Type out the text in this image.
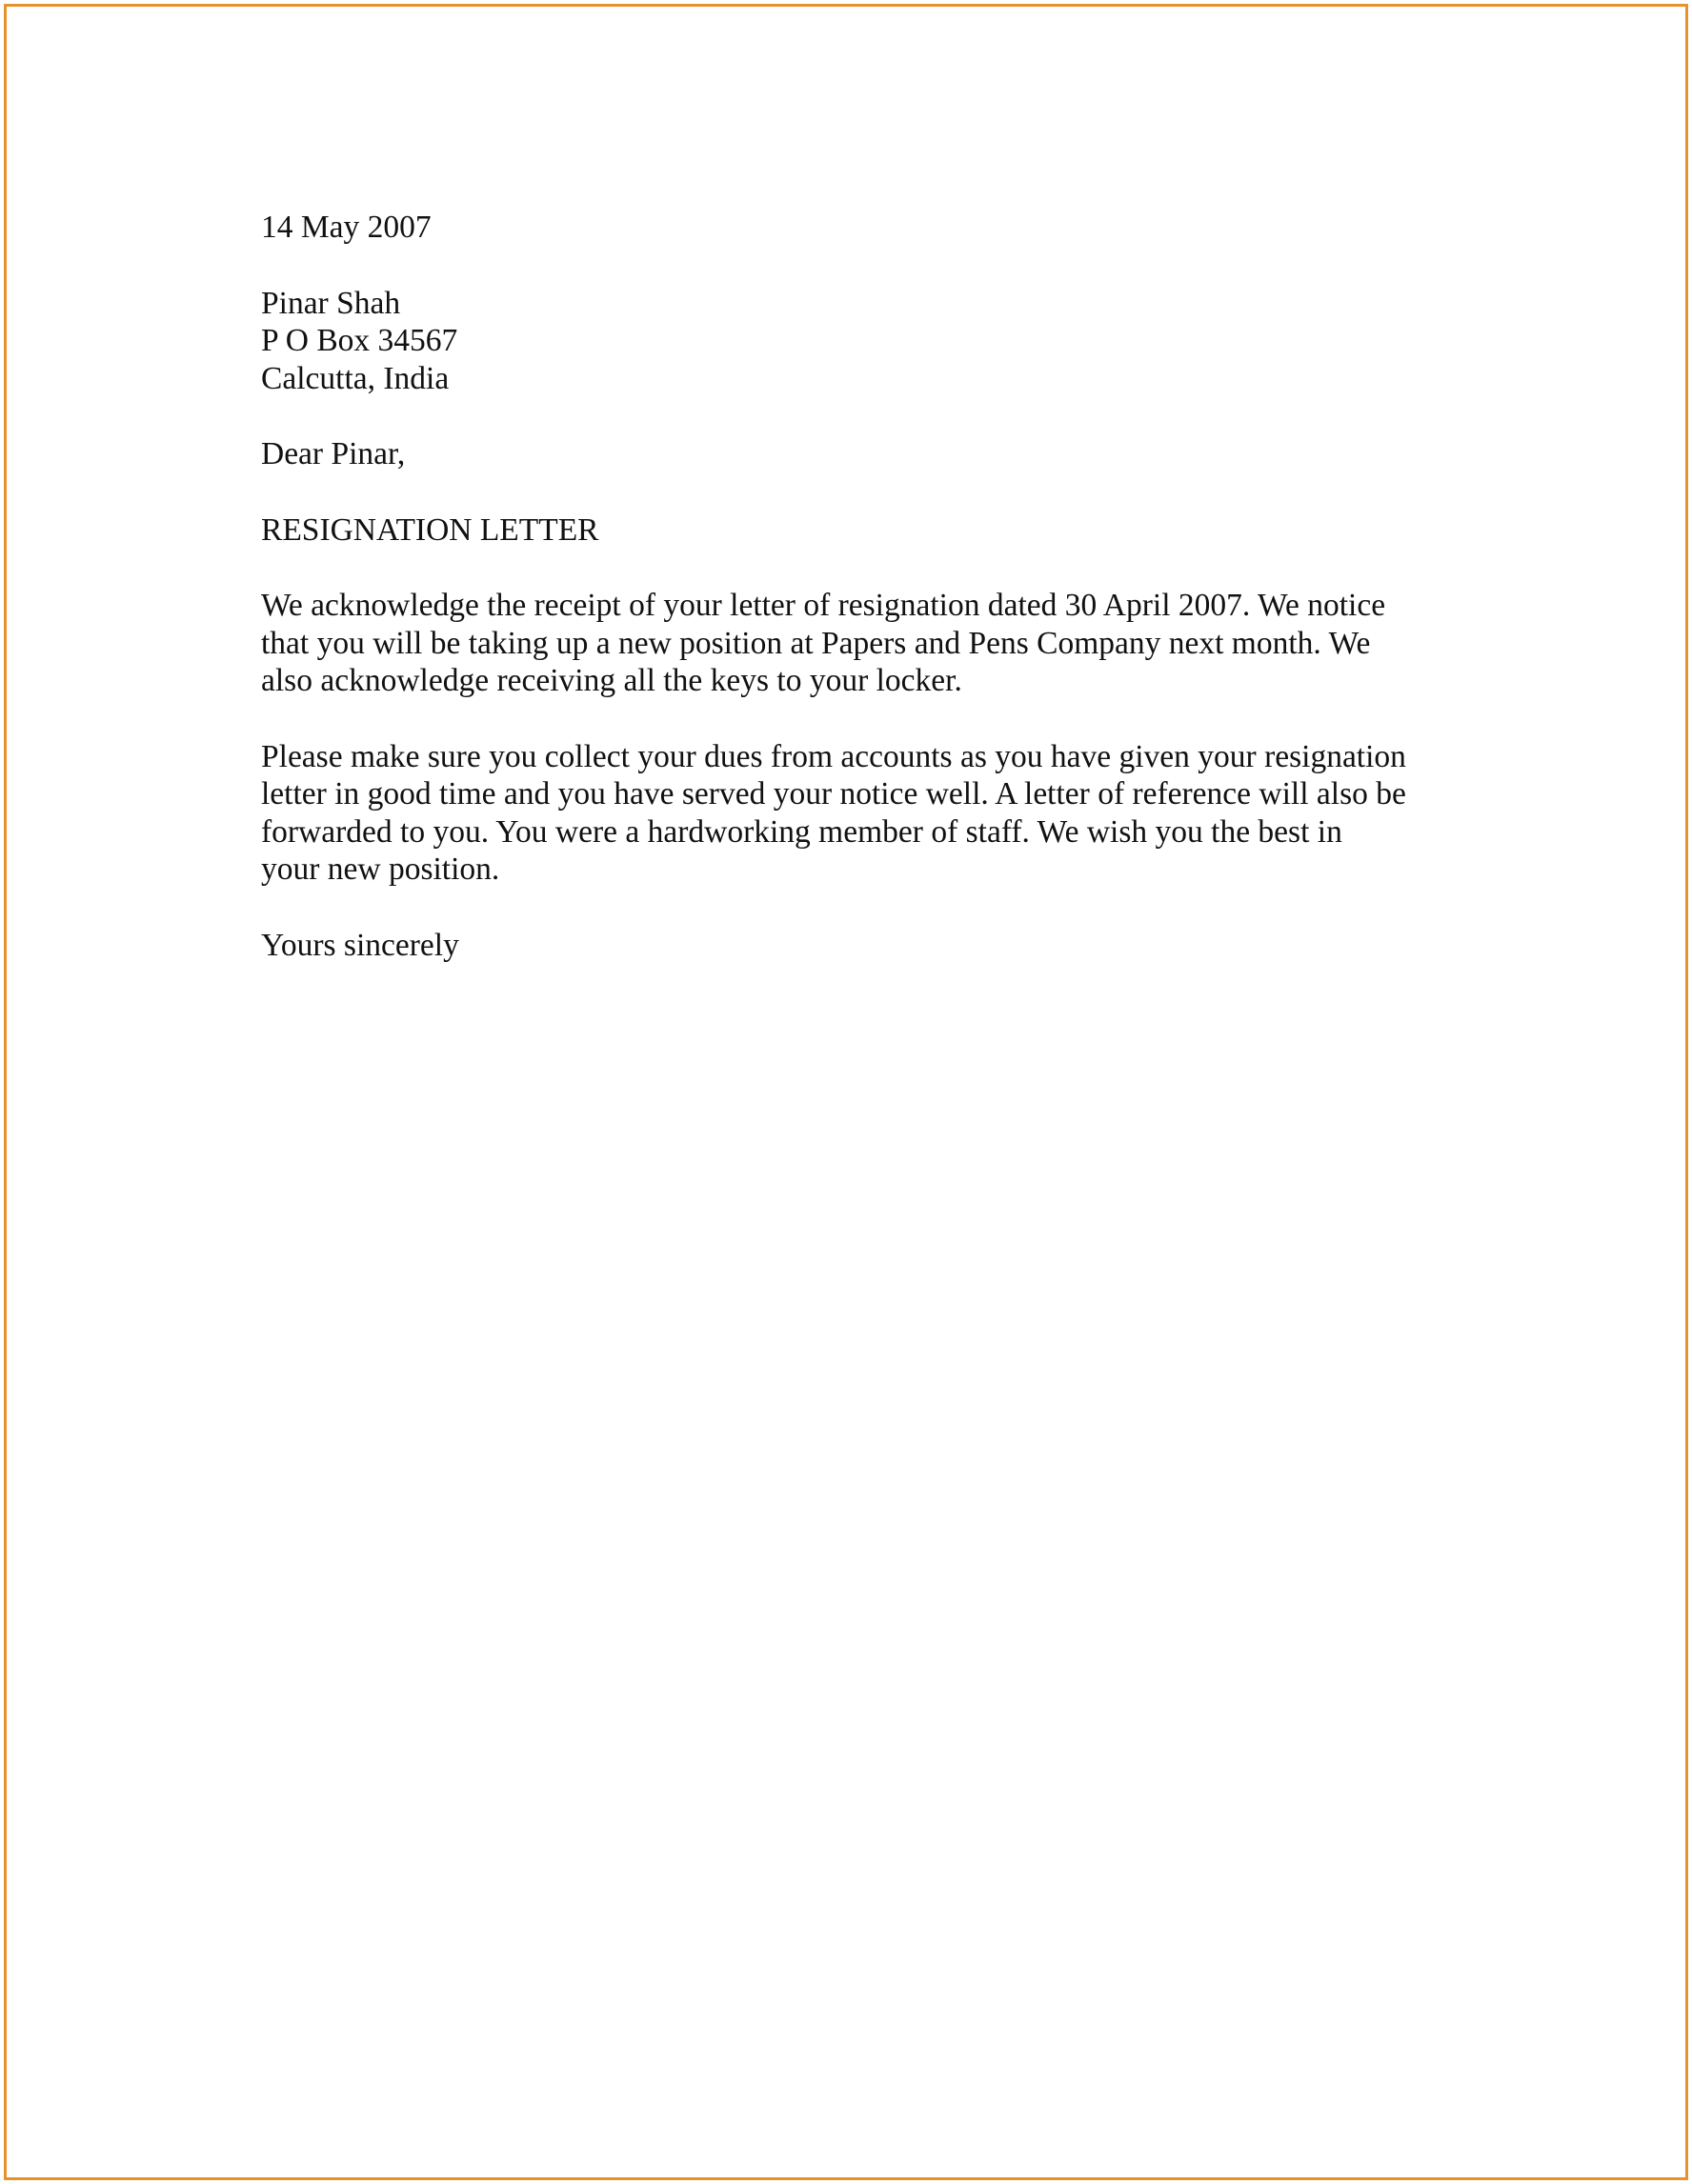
14 May 2007

Pinar Shah
P O Box 34567
Calcutta, India

Dear Pinar,

RESIGNATION LETTER

We acknowledge the receipt of your letter of resignation dated 30 April 2007. We notice
that you will be taking up a new position at Papers and Pens Company next month. We
also acknowledge receiving all the keys to your locker.

Please make sure you collect your dues from accounts as you have given your resignation
letter in good time and you have served your notice well. A letter of reference will also be
forwarded to you. You were a hardworking member of staff. We wish you the best in
your new position.

Yours sincerely
